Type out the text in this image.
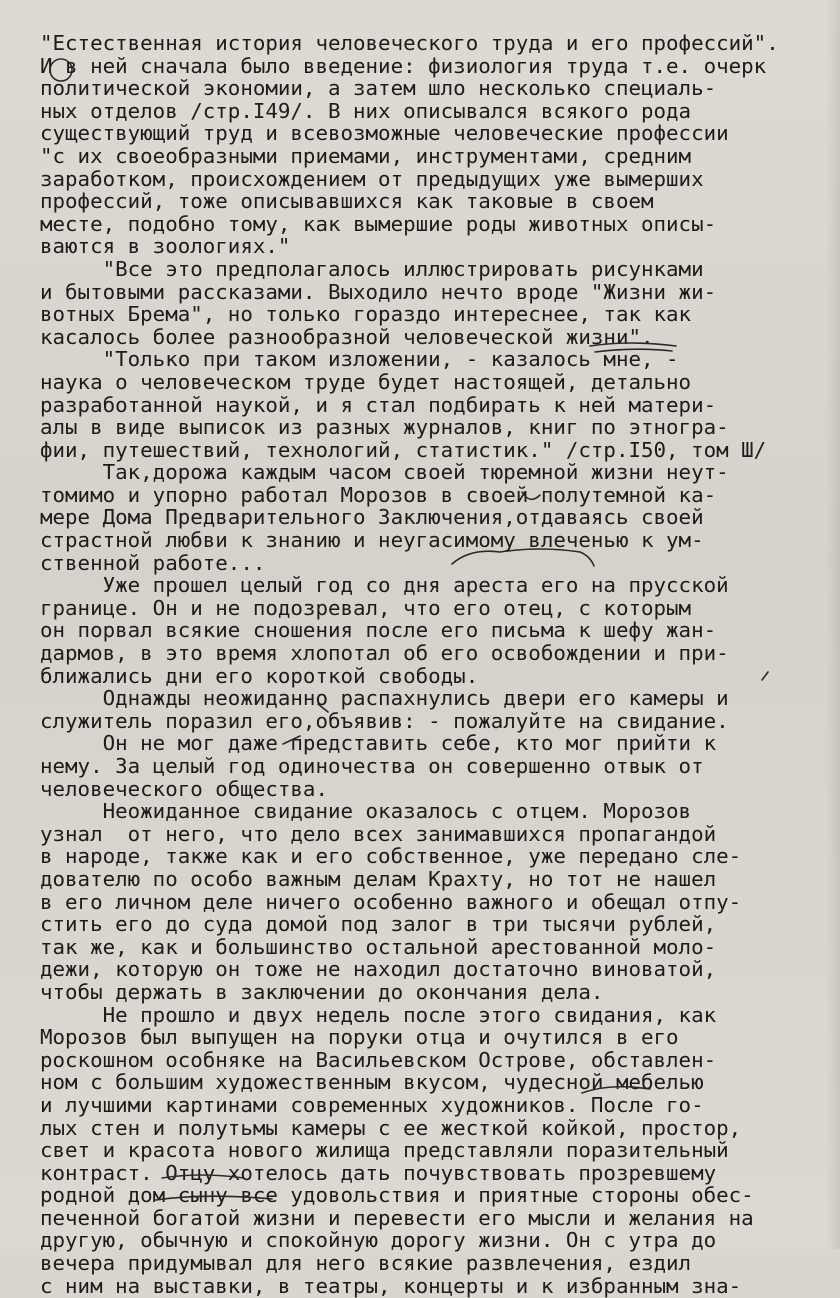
"Естественная история человеческого труда и его профессий".
И в ней сначала было введение: физиология труда т.е. очерк
политической экономии, а затем шло несколько специаль-
ных отделов /стр.I49/. В них описывался всякого рода
существующий труд и всевозможные человеческие профессии
"с их своеобразными приемами, инструментами, средним
заработком, происхождением от предыдущих уже вымерших
профессий, тоже описывавшихся как таковые в своем
месте, подобно тому, как вымершие роды животных описы-
ваются в зоологиях."
"Все это предполагалось иллюстрировать рисунками
и бытовыми рассказами. Выходило нечто вроде "Жизни жи-
вотных Брема", но только гораздо интереснее, так как
касалось более разнообразной человеческой жизни".
"Только при таком изложении, - казалось мне, -
наука о человеческом труде будет настоящей, детально
разработанной наукой, и я стал подбирать к ней матери-
алы в виде выписок из разных журналов, книг по этногра-
фии, путешествий, технологий, статистик." /стр.I50, том Ш/
Так,дорожа каждым часом своей тюремной жизни неут-
томимо и упорно работал Морозов в своей полутемной ка-
мере Дома Предварительного Заключения,отдаваясь своей
страстной любви к знанию и неугасимому влеченью к ум-
ственной работе...
Уже прошел целый год со дня ареста его на прусской
границе. Он и не подозревал, что его отец, с которым
он порвал всякие сношения после его письма к шефу жан-
дармов, в это время хлопотал об его освобождении и при-
ближались дни его короткой свободы.
Однажды неожиданно распахнулись двери его камеры и
служитель поразил его,объявив: - пожалуйте на свидание.
Он не мог даже представить себе, кто мог прийти к
нему. За целый год одиночества он совершенно отвык от
человеческого общества.
Неожиданное свидание оказалось с отцем. Морозов
узнал  от него, что дело всех занимавшихся пропагандой
в народе, также как и его собственное, уже передано сле-
дователю по особо важным делам Крахту, но тот не нашел
в его личном деле ничего особенно важного и обещал отпу-
стить его до суда домой под залог в три тысячи рублей,
так же, как и большинство остальной арестованной моло-
дежи, которую он тоже не находил достаточно виноватой,
чтобы держать в заключении до окончания дела.
Не прошло и двух недель после этого свидания, как
Морозов был выпущен на поруки отца и очутился в его
роскошном особняке на Васильевском Острове, обставлен-
ном с большим художественным вкусом, чудесной мебелью
и лучшими картинами современных художников. После го-
лых стен и полутьмы камеры с ее жесткой койкой, простор,
свет и красота нового жилища представляли поразительный
контраст. Отцу хотелось дать почувствовать прозревшему
родной дом сыну все удовольствия и приятные стороны обес-
печенной богатой жизни и перевести его мысли и желания на
другую, обычную и спокойную дорогу жизни. Он с утра до
вечера придумывал для него всякие развлечения, ездил
с ним на выставки, в театры, концерты и к избранным зна-
